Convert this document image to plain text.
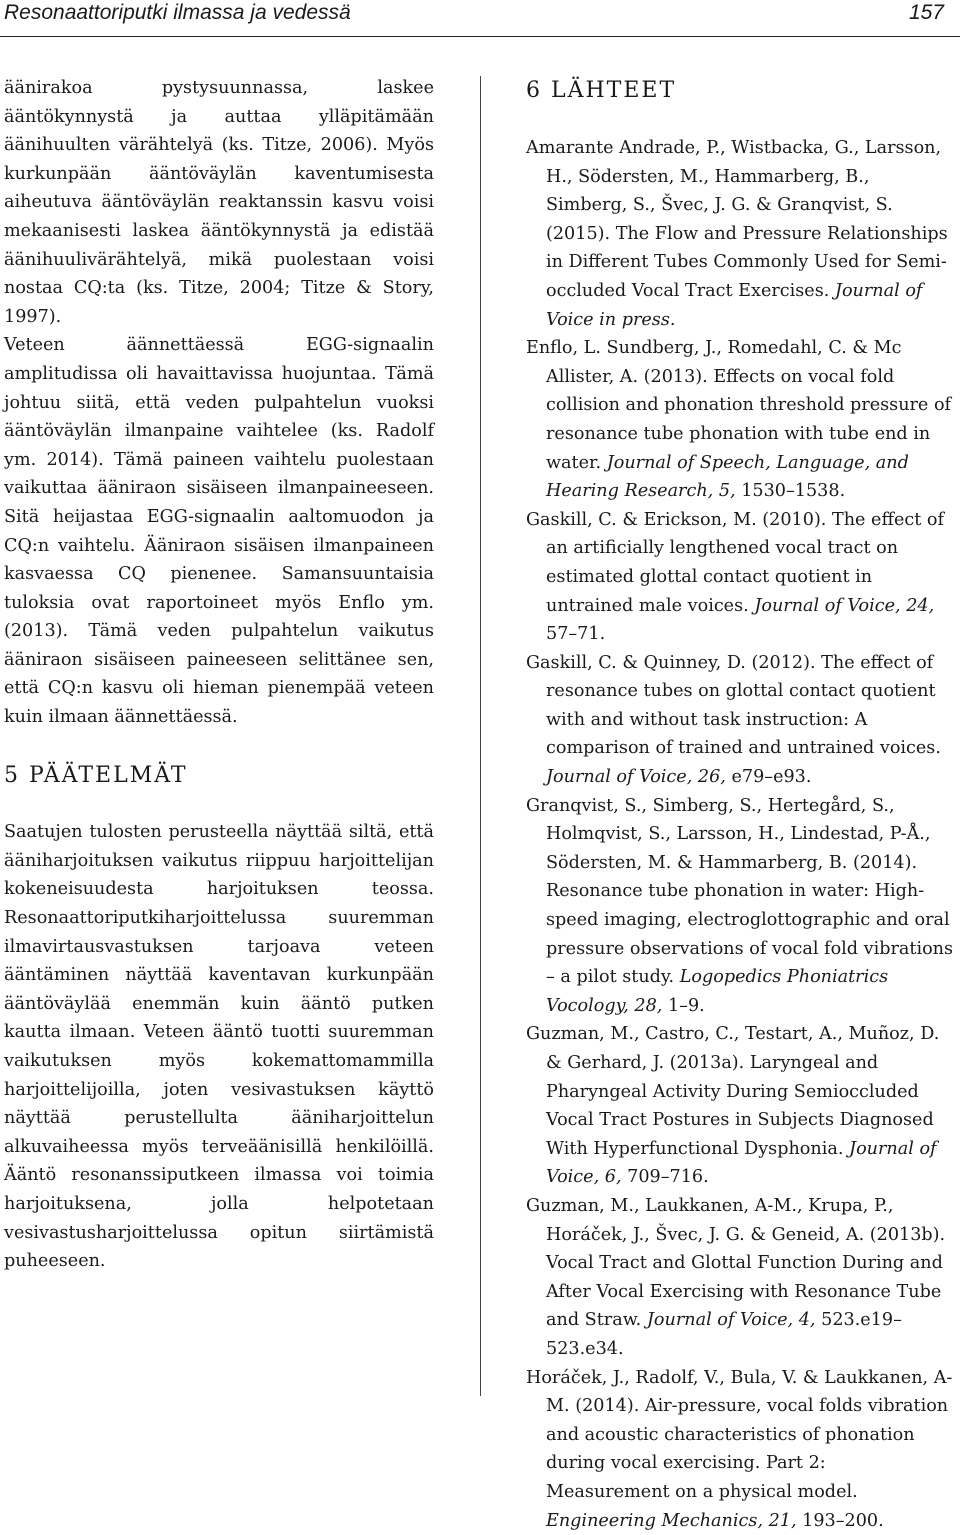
Resonaattoriputki ilmassa ja vedessä	157

äänirakoa pystysuunnassa, laskee ääntökynnystä ja auttaa ylläpitämään äänihuulten värähtelyä (ks. Titze, 2006). Myös kurkunpään ääntöväylän kaventumisesta aiheutuva ääntöväylän reaktanssin kasvu voisi mekaanisesti laskea ääntökynnystä ja edistää äänihuulivärähtelyä, mikä puolestaan voisi nostaa CQ:ta (ks. Titze, 2004; Titze & Story, 1997).

Veteen äännettäessä EGG-signaalin amplitudissa oli havaittavissa huojuntaa. Tämä johtuu siitä, että veden pulpahtelun vuoksi ääntöväylän ilmanpaine vaihtelee (ks. Radolf ym. 2014). Tämä paineen vaihtelu puolestaan vaikuttaa ääniraon sisäiseen ilmanpaineeseen. Sitä heijastaa EGG-signaalin aaltomuodon ja CQ:n vaihtelu. Ääniraon sisäisen ilmanpaineen kasvaessa CQ pienenee. Samansuuntaisia tuloksia ovat raportoineet myös Enflo ym. (2013). Tämä veden pulpahtelun vaikutus ääniraon sisäiseen paineeseen selittänee sen, että CQ:n kasvu oli hieman pienempää veteen kuin ilmaan äännettäessä.

5 PÄÄTELMÄT

Saatujen tulosten perusteella näyttää siltä, että ääniharjoituksen vaikutus riippuu harjoittelijan kokeneisuudesta harjoituksen teossa. Resonaattoriputkiharjoittelussa suuremman ilmavirtausvastuksen tarjoava veteen ääntäminen näyttää kaventavan kurkunpään ääntöväylää enemmän kuin ääntö putken kautta ilmaan. Veteen ääntö tuotti suuremman vaikutuksen myös kokemattomammilla harjoittelijoilla, joten vesivastuksen käyttö näyttää perustellulta ääniharjoittelun alkuvaiheessa myös terveäänisillä henkilöillä. Ääntö resonanssiputkeen ilmassa voi toimia harjoituksena, jolla helpotetaan vesivastusharjoittelussa opitun siirtämistä puheeseen.

6 LÄHTEET

Amarante Andrade, P., Wistbacka, G., Larsson, H., Södersten, M., Hammarberg, B., Simberg, S., Švec, J. G. & Granqvist, S. (2015). The Flow and Pressure Relationships in Different Tubes Commonly Used for Semi-occluded Vocal Tract Exercises. Journal of Voice in press.

Enflo, L. Sundberg, J., Romedahl, C. & Mc Allister, A. (2013). Effects on vocal fold collision and phonation threshold pressure of resonance tube phonation with tube end in water. Journal of Speech, Language, and Hearing Research, 5, 1530–1538.

Gaskill, C. & Erickson, M. (2010). The effect of an artificially lengthened vocal tract on estimated glottal contact quotient in untrained male voices. Journal of Voice, 24, 57–71.

Gaskill, C. & Quinney, D. (2012). The effect of resonance tubes on glottal contact quotient with and without task instruction: A comparison of trained and untrained voices. Journal of Voice, 26, e79–e93.

Granqvist, S., Simberg, S., Hertegård, S., Holmqvist, S., Larsson, H., Lindestad, P-Å., Södersten, M. & Hammarberg, B. (2014). Resonance tube phonation in water: High-speed imaging, electroglottographic and oral pressure observations of vocal fold vibrations – a pilot study. Logopedics Phoniatrics Vocology, 28, 1–9.

Guzman, M., Castro, C., Testart, A., Muñoz, D. & Gerhard, J. (2013a). Laryngeal and Pharyngeal Activity During Semioccluded Vocal Tract Postures in Subjects Diagnosed With Hyperfunctional Dysphonia. Journal of Voice, 6, 709–716.

Guzman, M., Laukkanen, A-M., Krupa, P., Horáček, J., Švec, J. G. & Geneid, A. (2013b). Vocal Tract and Glottal Function During and After Vocal Exercising with Resonance Tube and Straw. Journal of Voice, 4, 523.e19–523.e34.

Horáček, J., Radolf, V., Bula, V. & Laukkanen, A-M. (2014). Air-pressure, vocal folds vibration and acoustic characteristics of phonation during vocal exercising. Part 2: Measurement on a physical model. Engineering Mechanics, 21, 193–200.
